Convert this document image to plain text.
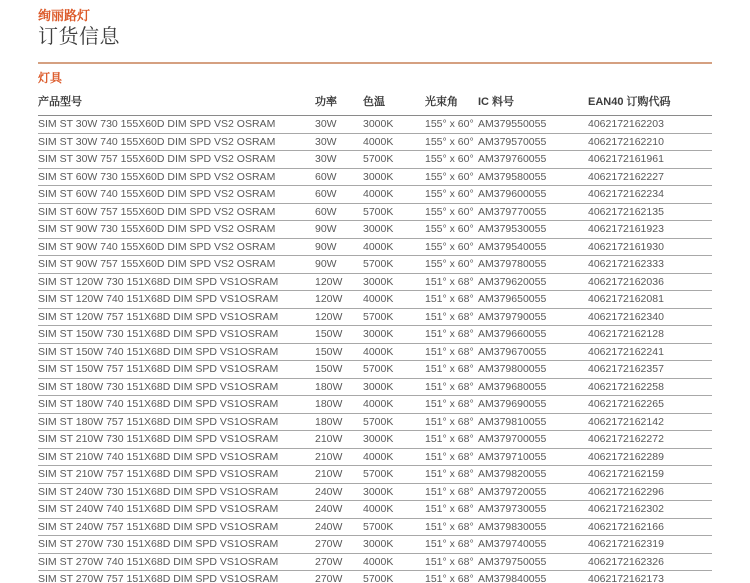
绚丽路灯
订货信息
灯具
产品型号	功率	色温	光束角	IC 料号	EAN40 订购代码
SIM ST 30W 730 155X60D DIM SPD VS2 OSRAM	30W	3000K	155° x 60°	AM379550055	4062172162203
SIM ST 30W 740 155X60D DIM SPD VS2 OSRAM	30W	4000K	155° x 60°	AM379570055	4062172162210
SIM ST 30W 757 155X60D DIM SPD VS2 OSRAM	30W	5700K	155° x 60°	AM379760055	4062172161961
SIM ST 60W 730 155X60D DIM SPD VS2 OSRAM	60W	3000K	155° x 60°	AM379580055	4062172162227
SIM ST 60W 740 155X60D DIM SPD VS2 OSRAM	60W	4000K	155° x 60°	AM379600055	4062172162234
SIM ST 60W 757 155X60D DIM SPD VS2 OSRAM	60W	5700K	155° x 60°	AM379770055	4062172162135
SIM ST 90W 730 155X60D DIM SPD VS2 OSRAM	90W	3000K	155° x 60°	AM379530055	4062172161923
SIM ST 90W 740 155X60D DIM SPD VS2 OSRAM	90W	4000K	155° x 60°	AM379540055	4062172161930
SIM ST 90W 757 155X60D DIM SPD VS2 OSRAM	90W	5700K	155° x 60°	AM379780055	4062172162333
SIM ST 120W 730 151X68D DIM SPD VS1OSRAM	120W	3000K	151° x 68°	AM379620055	4062172162036
SIM ST 120W 740 151X68D DIM SPD VS1OSRAM	120W	4000K	151° x 68°	AM379650055	4062172162081
SIM ST 120W 757 151X68D DIM SPD VS1OSRAM	120W	5700K	151° x 68°	AM379790055	4062172162340
SIM ST 150W 730 151X68D DIM SPD VS1OSRAM	150W	3000K	151° x 68°	AM379660055	4062172162128
SIM ST 150W 740 151X68D DIM SPD VS1OSRAM	150W	4000K	151° x 68°	AM379670055	4062172162241
SIM ST 150W 757 151X68D DIM SPD VS1OSRAM	150W	5700K	151° x 68°	AM379800055	4062172162357
SIM ST 180W 730 151X68D DIM SPD VS1OSRAM	180W	3000K	151° x 68°	AM379680055	4062172162258
SIM ST 180W 740 151X68D DIM SPD VS1OSRAM	180W	4000K	151° x 68°	AM379690055	4062172162265
SIM ST 180W 757 151X68D DIM SPD VS1OSRAM	180W	5700K	151° x 68°	AM379810055	4062172162142
SIM ST 210W 730 151X68D DIM SPD VS1OSRAM	210W	3000K	151° x 68°	AM379700055	4062172162272
SIM ST 210W 740 151X68D DIM SPD VS1OSRAM	210W	4000K	151° x 68°	AM379710055	4062172162289
SIM ST 210W 757 151X68D DIM SPD VS1OSRAM	210W	5700K	151° x 68°	AM379820055	4062172162159
SIM ST 240W 730 151X68D DIM SPD VS1OSRAM	240W	3000K	151° x 68°	AM379720055	4062172162296
SIM ST 240W 740 151X68D DIM SPD VS1OSRAM	240W	4000K	151° x 68°	AM379730055	4062172162302
SIM ST 240W 757 151X68D DIM SPD VS1OSRAM	240W	5700K	151° x 68°	AM379830055	4062172162166
SIM ST 270W 730 151X68D DIM SPD VS1OSRAM	270W	3000K	151° x 68°	AM379740055	4062172162319
SIM ST 270W 740 151X68D DIM SPD VS1OSRAM	270W	4000K	151° x 68°	AM379750055	4062172162326
SIM ST 270W 757 151X68D DIM SPD VS1OSRAM	270W	5700K	151° x 68°	AM379840055	4062172162173
